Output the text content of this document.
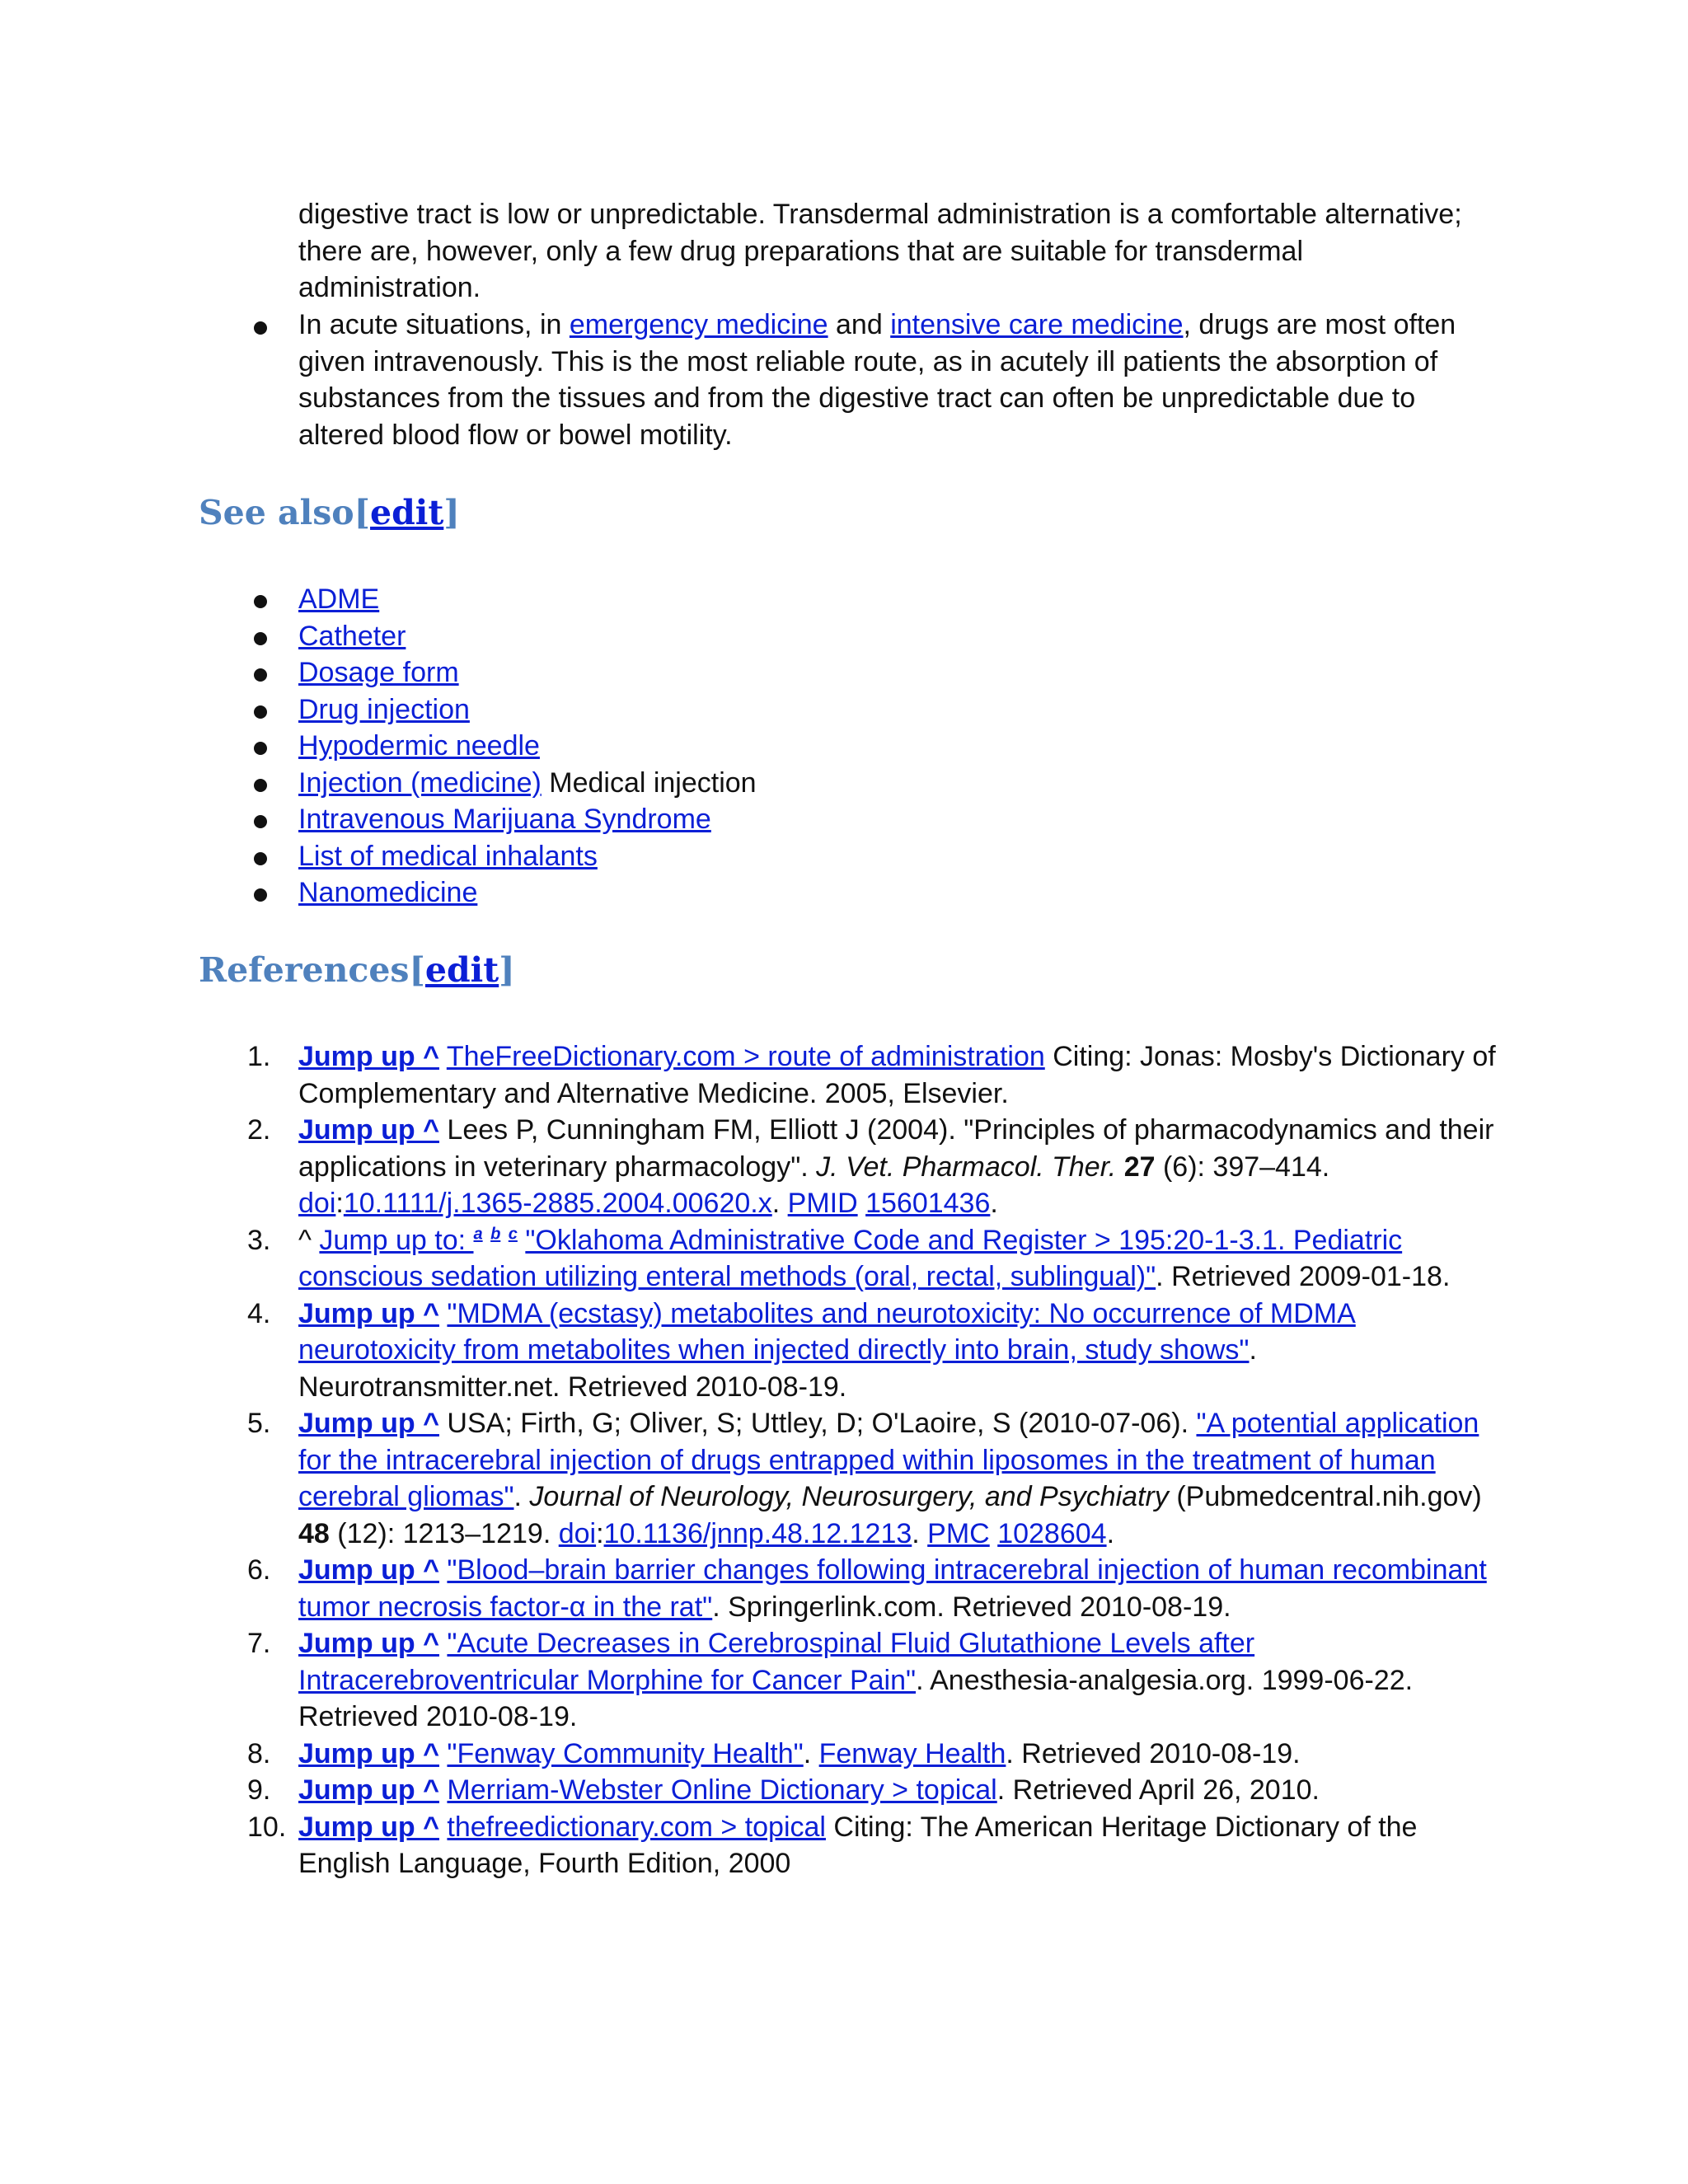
digestive tract is low or unpredictable. Transdermal administration is a comfortable alternative;
there are, however, only a few drug preparations that are suitable for transdermal
administration.
In acute situations, in emergency medicine and intensive care medicine, drugs are most often
given intravenously. This is the most reliable route, as in acutely ill patients the absorption of
substances from the tissues and from the digestive tract can often be unpredictable due to
altered blood flow or bowel motility.
See also[edit]
ADME
Catheter
Dosage form
Drug injection
Hypodermic needle
Injection (medicine) Medical injection
Intravenous Marijuana Syndrome
List of medical inhalants
Nanomedicine
References[edit]
1. Jump up ^ TheFreeDictionary.com > route of administration Citing: Jonas: Mosby's Dictionary of
Complementary and Alternative Medicine. 2005, Elsevier.
2. Jump up ^ Lees P, Cunningham FM, Elliott J (2004). "Principles of pharmacodynamics and their
applications in veterinary pharmacology". J. Vet. Pharmacol. Ther. 27 (6): 397–414.
doi:10.1111/j.1365-2885.2004.00620.x. PMID 15601436.
3. ^ Jump up to: $^a$ $^b$ $^c$ "Oklahoma Administrative Code and Register > 195:20-1-3.1. Pediatric
conscious sedation utilizing enteral methods (oral, rectal, sublingual)". Retrieved 2009-01-18.
4. Jump up ^ "MDMA (ecstasy) metabolites and neurotoxicity: No occurrence of MDMA
neurotoxicity from metabolites when injected directly into brain, study shows".
Neurotransmitter.net. Retrieved 2010-08-19.
5. Jump up ^ USA; Firth, G; Oliver, S; Uttley, D; O'Laoire, S (2010-07-06). "A potential application
for the intracerebral injection of drugs entrapped within liposomes in the treatment of human
cerebral gliomas". Journal of Neurology, Neurosurgery, and Psychiatry (Pubmedcentral.nih.gov)
48 (12): 1213–1219. doi:10.1136/jnnp.48.12.1213. PMC 1028604.
6. Jump up ^ "Blood–brain barrier changes following intracerebral injection of human recombinant
tumor necrosis factor-α in the rat". Springerlink.com. Retrieved 2010-08-19.
7. Jump up ^ "Acute Decreases in Cerebrospinal Fluid Glutathione Levels after
Intracerebroventricular Morphine for Cancer Pain". Anesthesia-analgesia.org. 1999-06-22.
Retrieved 2010-08-19.
8. Jump up ^ "Fenway Community Health". Fenway Health. Retrieved 2010-08-19.
9. Jump up ^ Merriam-Webster Online Dictionary > topical. Retrieved April 26, 2010.
10. Jump up ^ thefreedictionary.com > topical Citing: The American Heritage Dictionary of the
English Language, Fourth Edition, 2000
